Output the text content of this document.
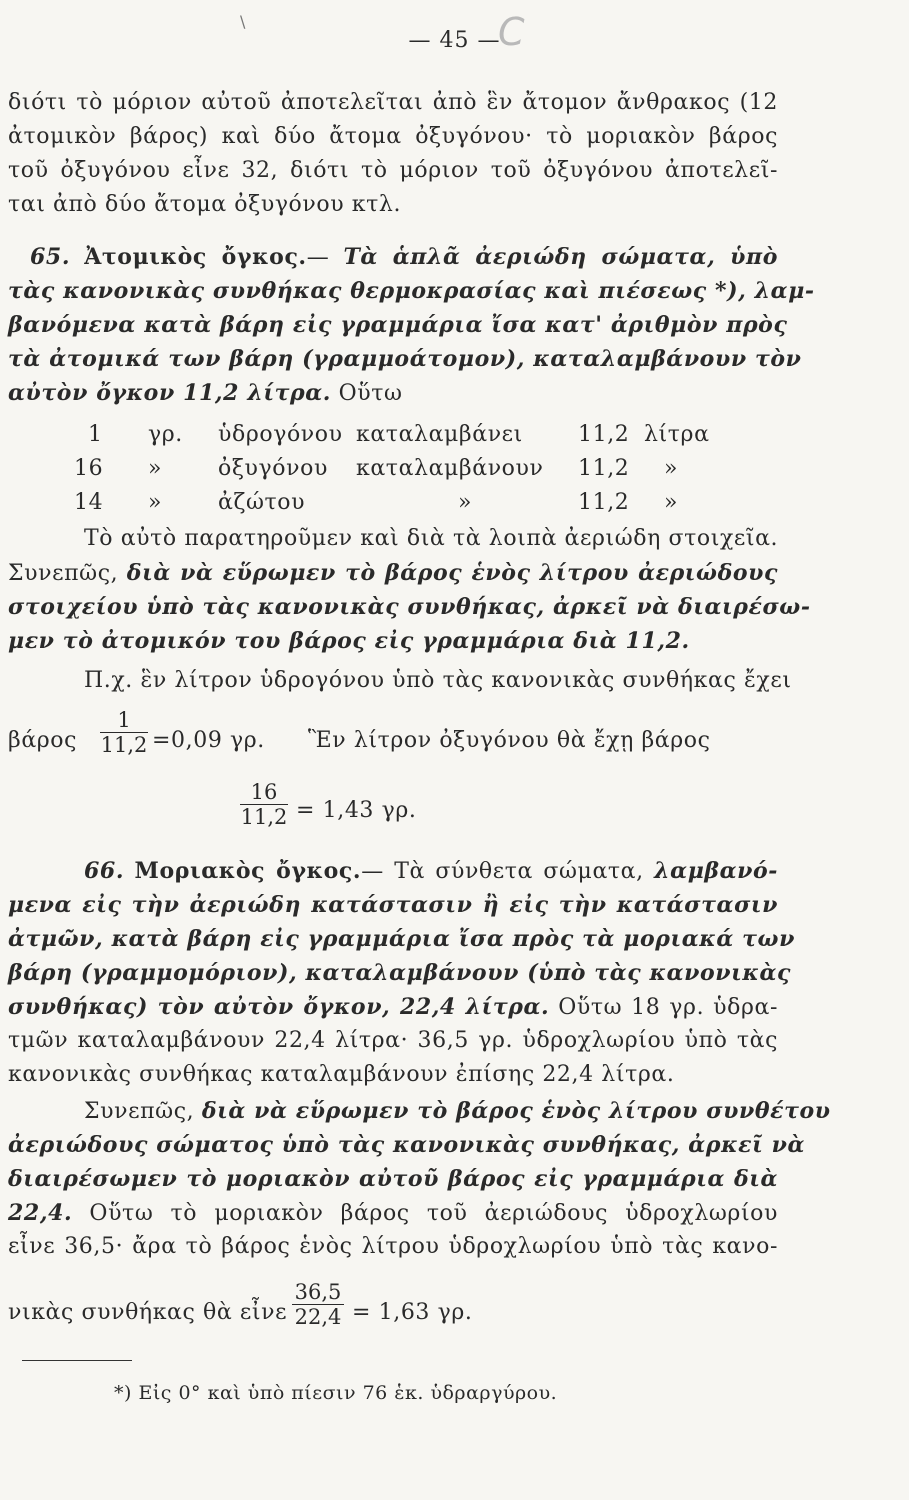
\
— 45 —
C
διότι τὸ μόριον αὐτοῦ ἀποτελεῖται ἀπὸ ἓν ἄτομον ἄνθρακος (12
ἀτομικὸν βάρος) καὶ δύο ἄτομα ὀξυγόνου· τὸ μοριακὸν βάρος
τοῦ ὀξυγόνου εἶνε 32, διότι τὸ μόριον τοῦ ὀξυγόνου ἀποτελεῖ-
ται ἀπὸ δύο ἄτομα ὀξυγόνου κτλ.
65. Ἀτομικὸς ὄγκος.— Τὰ ἁπλᾶ ἀεριώδη σώματα, ὑπὸ
τὰς κανονικὰς συνθήκας θερμοκρασίας καὶ πιέσεως *), λαμ-
βανόμενα κατὰ βάρη εἰς γραμμάρια ἴσα κατ' ἀριθμὸν πρὸς
τὰ ἀτομικά των βάρη (γραμμοάτομον), καταλαμβάνουν τὸν
αὐτὸν ὄγκον 11,2 λίτρα. Οὕτω
1 γρ. ὑδρογόνου καταλαμβάνει	11,2 λίτρα
16 »	ὀξυγόνου καταλαμβάνουν 11,2 »
14 »	ἀζώτου	»	11,2 »
Τὸ αὐτὸ παρατηροῦμεν καὶ διὰ τὰ λοιπὰ ἀεριώδη στοιχεῖα.
Συνεπῶς, διὰ νὰ εὕρωμεν τὸ βάρος ἑνὸς λίτρου ἀεριώδους
στοιχείου ὑπὸ τὰς κανονικὰς συνθήκας, ἀρκεῖ νὰ διαιρέσω-
μεν τὸ ἀτομικόν του βάρος εἰς γραμμάρια διὰ 11,2.
Π.χ. ἓν λίτρον ὑδρογόνου ὑπὸ τὰς κανονικὰς συνθήκας ἔχει
βάρος $\frac{1}{11,2} =0,09$ γρ. Ἓν λίτρον ὀξυγόνου θὰ ἔχῃ βάρος
$\frac{16}{11,2} = 1,43$ γρ.
66. Μοριακὸς ὄγκος.— Τὰ σύνθετα σώματα, λαμβανό-
μενα εἰς τὴν ἀεριώδη κατάστασιν ἢ εἰς τὴν κατάστασιν
ἀτμῶν, κατὰ βάρη εἰς γραμμάρια ἴσα πρὸς τὰ μοριακά των
βάρη (γραμμομόριον), καταλαμβάνουν (ὑπὸ τὰς κανονικὰς
συνθήκας) τὸν αὐτὸν ὄγκον, 22,4 λίτρα. Οὕτω 18 γρ. ὑδρα-
τμῶν καταλαμβάνουν 22,4 λίτρα· 36,5 γρ. ὑδροχλωρίου ὑπὸ τὰς
κανονικὰς συνθήκας καταλαμβάνουν ἐπίσης 22,4 λίτρα.
Συνεπῶς, διὰ νὰ εὕρωμεν τὸ βάρος ἑνὸς λίτρου συνθέτου
ἀεριώδους σώματος ὑπὸ τὰς κανονικὰς συνθήκας, ἀρκεῖ νὰ
διαιρέσωμεν τὸ μοριακὸν αὐτοῦ βάρος εἰς γραμμάρια διὰ
22,4. Οὕτω τὸ μοριακὸν βάρος τοῦ ἀεριώδους ὑδροχλωρίου
εἶνε 36,5· ἄρα τὸ βάρος ἑνὸς λίτρου ὑδροχλωρίου ὑπὸ τὰς κανο-
νικὰς συνθήκας θὰ εἶνε $\frac{36,5}{22,4} = 1,63$ γρ.
*) Εἰς 0° καὶ ὑπὸ πίεσιν 76 ἑκ. ὑδραργύρου.
